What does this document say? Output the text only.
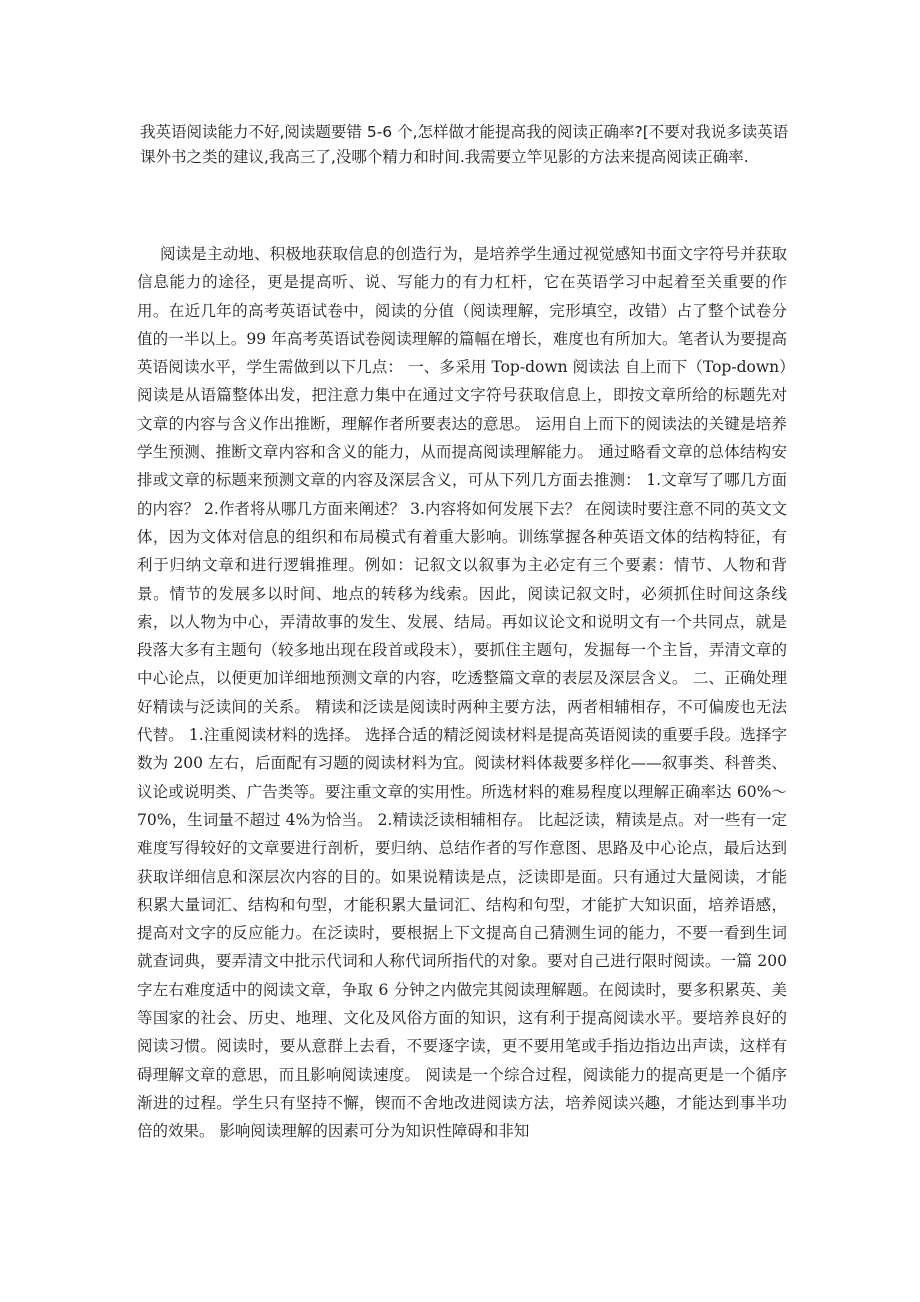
我英语阅读能力不好,阅读题要错 5-6 个,怎样做才能提高我的阅读正确率?[不要对我说多读英语课外书之类的建议,我高三了,没哪个精力和时间.我需要立竿见影的方法来提高阅读正确率.

阅读是主动地、积极地获取信息的创造行为，是培养学生通过视觉感知书面文字符号并获取信息能力的途径，更是提高听、说、写能力的有力杠杆，它在英语学习中起着至关重要的作用。在近几年的高考英语试卷中，阅读的分值（阅读理解，完形填空，改错）占了整个试卷分值的一半以上。99 年高考英语试卷阅读理解的篇幅在增长，难度也有所加大。笔者认为要提高英语阅读水平，学生需做到以下几点： 一、多采用 Top-down 阅读法 自上而下（Top-down）阅读是从语篇整体出发，把注意力集中在通过文字符号获取信息上，即按文章所给的标题先对文章的内容与含义作出推断，理解作者所要表达的意思。 运用自上而下的阅读法的关键是培养学生预测、推断文章内容和含义的能力，从而提高阅读理解能力。 通过略看文章的总体结构安排或文章的标题来预测文章的内容及深层含义，可从下列几方面去推测： 1.文章写了哪几方面的内容？ 2.作者将从哪几方面来阐述？ 3.内容将如何发展下去？ 在阅读时要注意不同的英文文体，因为文体对信息的组织和布局模式有着重大影响。训练掌握各种英语文体的结构特征，有利于归纳文章和进行逻辑推理。例如：记叙文以叙事为主必定有三个要素：情节、人物和背景。情节的发展多以时间、地点的转移为线索。因此，阅读记叙文时，必须抓住时间这条线索，以人物为中心，弄清故事的发生、发展、结局。再如议论文和说明文有一个共同点，就是段落大多有主题句（较多地出现在段首或段末），要抓住主题句，发掘每一个主旨，弄清文章的中心论点，以便更加详细地预测文章的内容，吃透整篇文章的表层及深层含义。 二、正确处理好精读与泛读间的关系。 精读和泛读是阅读时两种主要方法，两者相辅相存，不可偏废也无法代替。 1.注重阅读材料的选择。 选择合适的精泛阅读材料是提高英语阅读的重要手段。选择字数为 200 左右，后面配有习题的阅读材料为宜。阅读材料体裁要多样化——叙事类、科普类、议论或说明类、广告类等。要注重文章的实用性。所选材料的难易程度以理解正确率达 60%～70%，生词量不超过 4%为恰当。 2.精读泛读相辅相存。 比起泛读，精读是点。对一些有一定难度写得较好的文章要进行剖析，要归纳、总结作者的写作意图、思路及中心论点，最后达到获取详细信息和深层次内容的目的。如果说精读是点，泛读即是面。只有通过大量阅读，才能积累大量词汇、结构和句型，才能积累大量词汇、结构和句型，才能扩大知识面，培养语感，提高对文字的反应能力。在泛读时，要根据上下文提高自己猜测生词的能力，不要一看到生词就查词典，要弄清文中批示代词和人称代词所指代的对象。要对自己进行限时阅读。一篇 200 字左右难度适中的阅读文章，争取 6 分钟之内做完其阅读理解题。在阅读时，要多积累英、美等国家的社会、历史、地理、文化及风俗方面的知识，这有利于提高阅读水平。要培养良好的阅读习惯。阅读时，要从意群上去看，不要逐字读，更不要用笔或手指边指边出声读，这样有碍理解文章的意思，而且影响阅读速度。 阅读是一个综合过程，阅读能力的提高更是一个循序渐进的过程。学生只有坚持不懈，锲而不舍地改进阅读方法，培养阅读兴趣，才能达到事半功倍的效果。 影响阅读理解的因素可分为知识性障碍和非知
